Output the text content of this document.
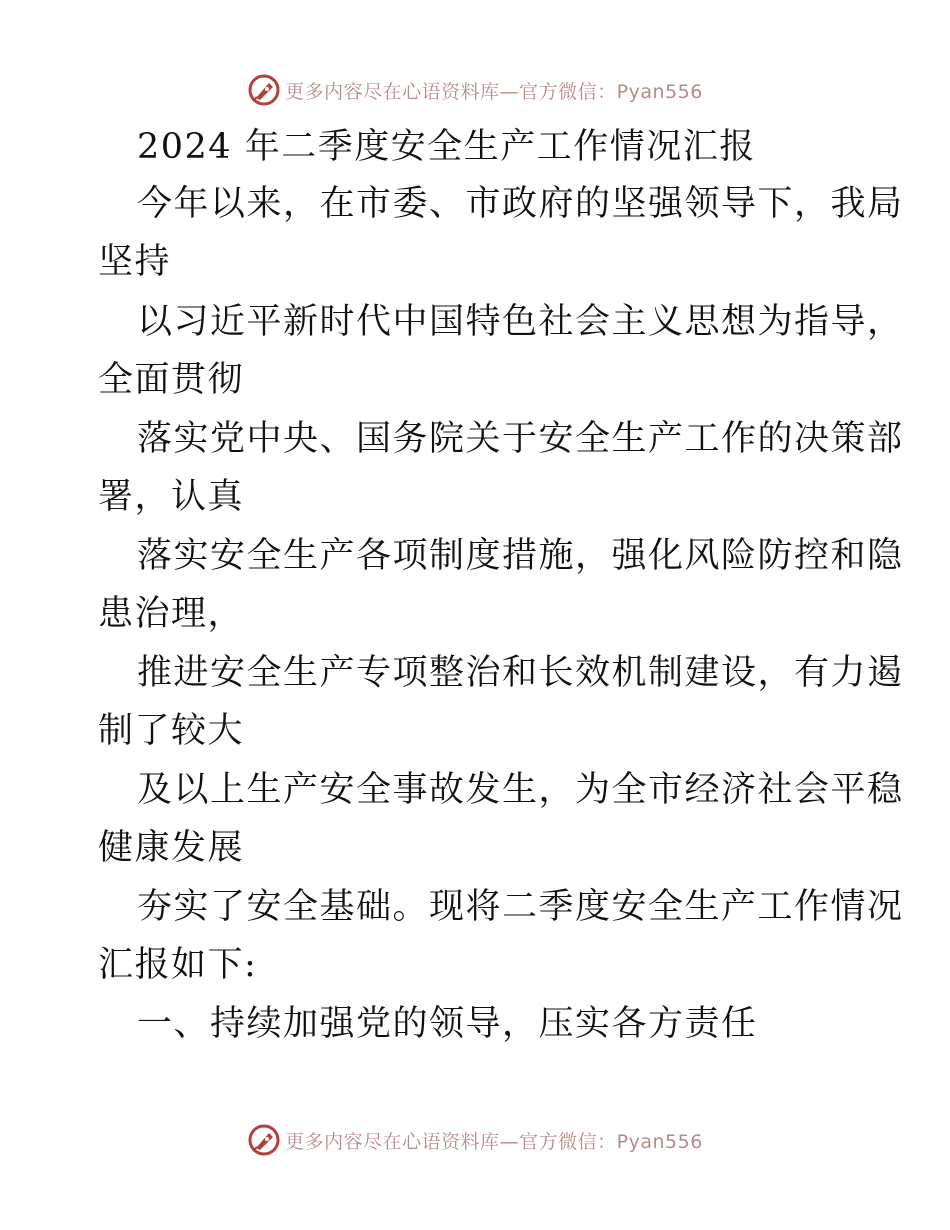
更多内容尽在心语资料库—官方微信：Pyan556
2024 年二季度安全生产工作情况汇报
今年以来，在市委、市政府的坚强领导下，我局
坚持
以习近平新时代中国特色社会主义思想为指导，
全面贯彻
落实党中央、国务院关于安全生产工作的决策部
署，认真
落实安全生产各项制度措施，强化风险防控和隐
患治理，
推进安全生产专项整治和长效机制建设，有力遏
制了较大
及以上生产安全事故发生，为全市经济社会平稳
健康发展
夯实了安全基础。现将二季度安全生产工作情况
汇报如下:
一、持续加强党的领导，压实各方责任
更多内容尽在心语资料库—官方微信：Pyan556
